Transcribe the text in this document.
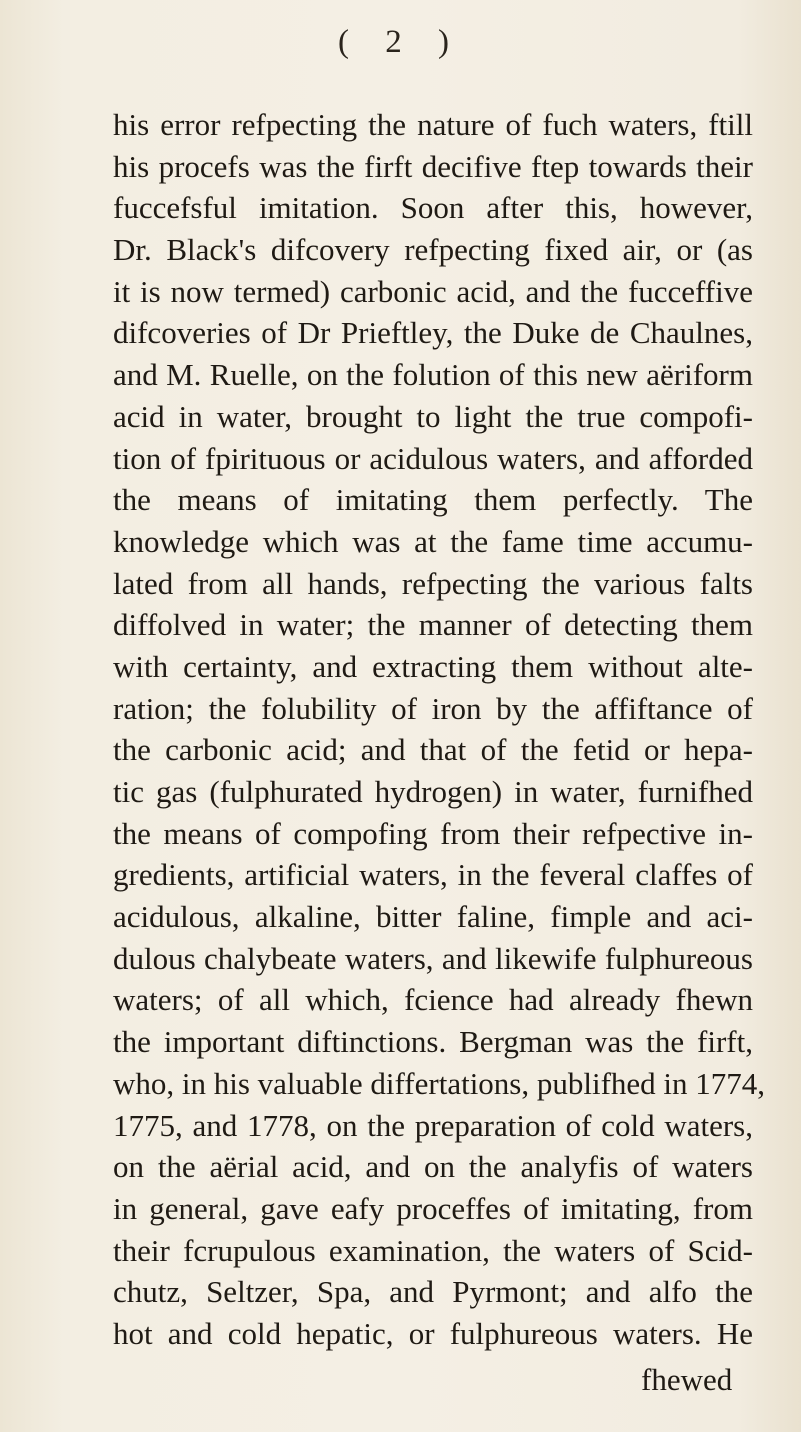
( 2 )
his error refpecting the nature of fuch waters, ftill
his procefs was the firft decifive ftep towards their
fuccefsful imitation. Soon after this, however,
Dr. Black's difcovery refpecting fixed air, or (as
it is now termed) carbonic acid, and the fucceffive
difcoveries of Dr Prieftley, the Duke de Chaulnes,
and M. Ruelle, on the folution of this new aëriform
acid in water, brought to light the true compofi-
tion of fpirituous or acidulous waters, and afforded
the means of imitating them perfectly. The
knowledge which was at the fame time accumu-
lated from all hands, refpecting the various falts
diffolved in water; the manner of detecting them
with certainty, and extracting them without alte-
ration; the folubility of iron by the affiftance of
the carbonic acid; and that of the fetid or hepa-
tic gas (fulphurated hydrogen) in water, furnifhed
the means of compofing from their refpective in-
gredients, artificial waters, in the feveral claffes of
acidulous, alkaline, bitter faline, fimple and aci-
dulous chalybeate waters, and likewife fulphureous
waters; of all which, fcience had already fhewn
the important diftinctions. Bergman was the firft,
who, in his valuable differtations, publifhed in 1774,
1775, and 1778, on the preparation of cold waters,
on the aërial acid, and on the analyfis of waters
in general, gave eafy proceffes of imitating, from
their fcrupulous examination, the waters of Scid-
chutz, Seltzer, Spa, and Pyrmont; and alfo the
hot and cold hepatic, or fulphureous waters. He
fhewed
